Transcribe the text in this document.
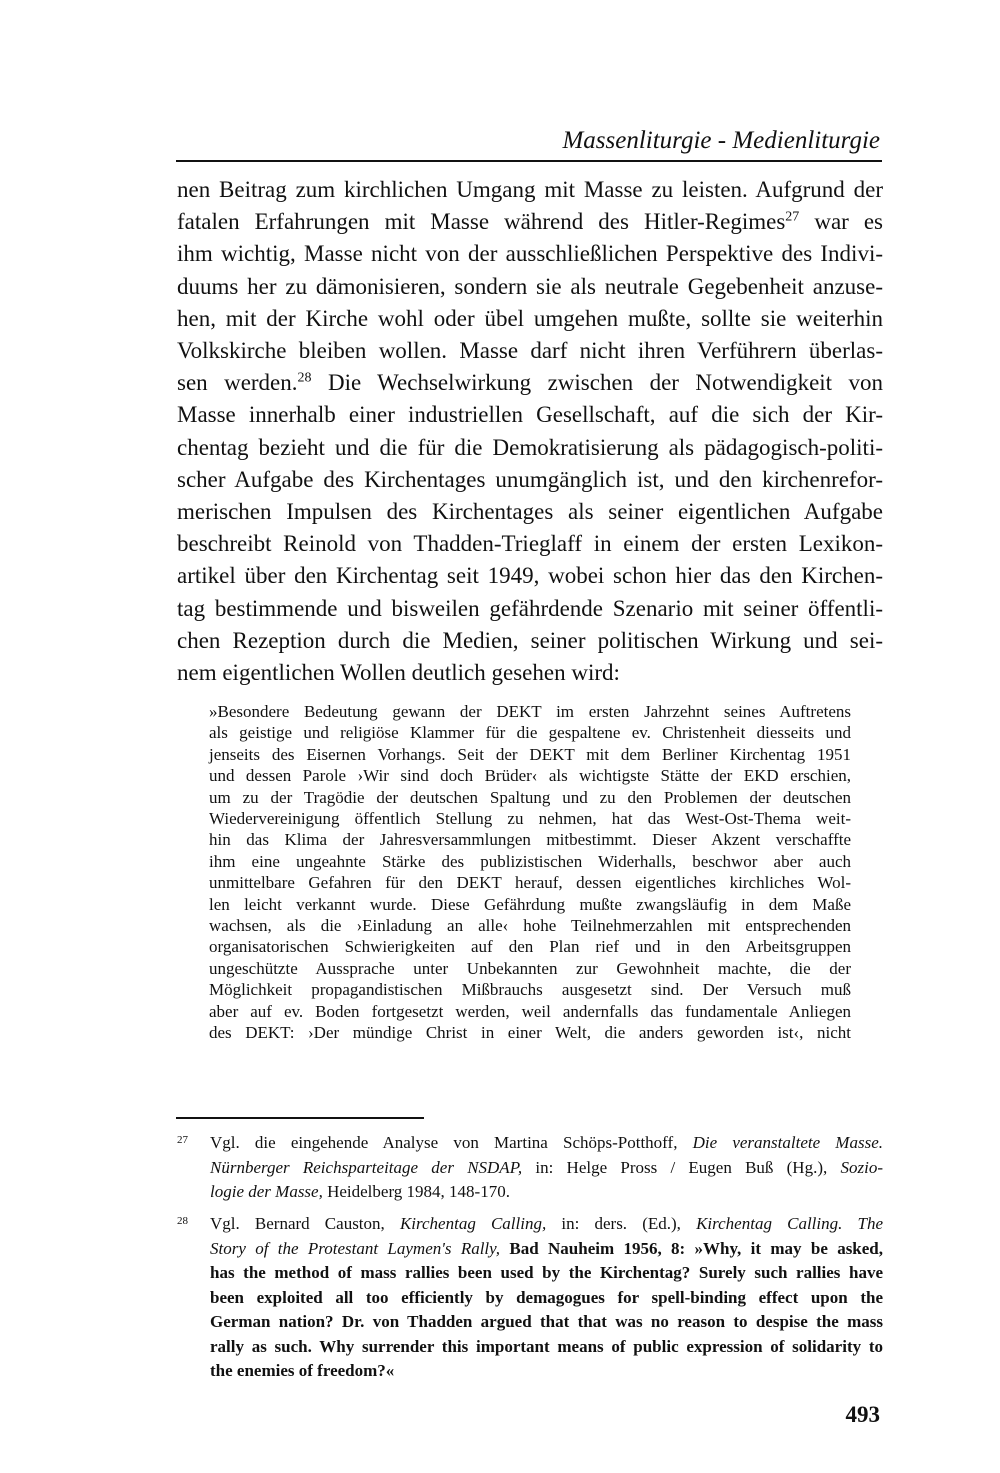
Massenliturgie - Medienliturgie
nen Beitrag zum kirchlichen Umgang mit Masse zu leisten. Aufgrund der
fatalen Erfahrungen mit Masse während des Hitler-Regimes$^{27}$ war es
ihm wichtig, Masse nicht von der ausschließlichen Perspektive des Indivi-
duums her zu dämonisieren, sondern sie als neutrale Gegebenheit anzuse-
hen, mit der Kirche wohl oder übel umgehen mußte, sollte sie weiterhin
Volkskirche bleiben wollen. Masse darf nicht ihren Verführern überlas-
sen werden.$^{28}$ Die Wechselwirkung zwischen der Notwendigkeit von
Masse innerhalb einer industriellen Gesellschaft, auf die sich der Kir-
chentag bezieht und die für die Demokratisierung als pädagogisch-politi-
scher Aufgabe des Kirchentages unumgänglich ist, und den kirchenrefor-
merischen Impulsen des Kirchentages als seiner eigentlichen Aufgabe
beschreibt Reinold von Thadden-Trieglaff in einem der ersten Lexikon-
artikel über den Kirchentag seit 1949, wobei schon hier das den Kirchen-
tag bestimmende und bisweilen gefährdende Szenario mit seiner öffentli-
chen Rezeption durch die Medien, seiner politischen Wirkung und sei-
nem eigentlichen Wollen deutlich gesehen wird:
»Besondere Bedeutung gewann der DEKT im ersten Jahrzehnt seines Auftretens
als geistige und religiöse Klammer für die gespaltene ev. Christenheit diesseits und
jenseits des Eisernen Vorhangs. Seit der DEKT mit dem Berliner Kirchentag 1951
und dessen Parole ›Wir sind doch Brüder‹ als wichtigste Stätte der EKD erschien,
um zu der Tragödie der deutschen Spaltung und zu den Problemen der deutschen
Wiedervereinigung öffentlich Stellung zu nehmen, hat das West-Ost-Thema weit-
hin das Klima der Jahresversammlungen mitbestimmt. Dieser Akzent verschaffte
ihm eine ungeahnte Stärke des publizistischen Widerhalls, beschwor aber auch
unmittelbare Gefahren für den DEKT herauf, dessen eigentliches kirchliches Wol-
len leicht verkannt wurde. Diese Gefährdung mußte zwangsläufig in dem Maße
wachsen, als die ›Einladung an alle‹ hohe Teilnehmerzahlen mit entsprechenden
organisatorischen Schwierigkeiten auf den Plan rief und in den Arbeitsgruppen
ungeschützte Aussprache unter Unbekannten zur Gewohnheit machte, die der
Möglichkeit propagandistischen Mißbrauchs ausgesetzt sind. Der Versuch muß
aber auf ev. Boden fortgesetzt werden, weil andernfalls das fundamentale Anliegen
des DEKT: ›Der mündige Christ in einer Welt, die anders geworden ist‹, nicht
27	Vgl. die eingehende Analyse von Martina Schöps-Potthoff, Die veranstaltete Masse.
Nürnberger Reichsparteitage der NSDAP, in: Helge Pross / Eugen Buß (Hg.), Sozio-
logie der Masse, Heidelberg 1984, 148-170.
28	Vgl. Bernard Causton, Kirchentag Calling, in: ders. (Ed.), Kirchentag Calling. The
Story of the Protestant Laymen's Rally, Bad Nauheim 1956, 8: »Why, it may be asked,
has the method of mass rallies been used by the Kirchentag? Surely such rallies have
been exploited all too efficiently by demagogues for spell-binding effect upon the
German nation? Dr. von Thadden argued that that was no reason to despise the mass
rally as such. Why surrender this important means of public expression of solidarity to
the enemies of freedom?«
493
